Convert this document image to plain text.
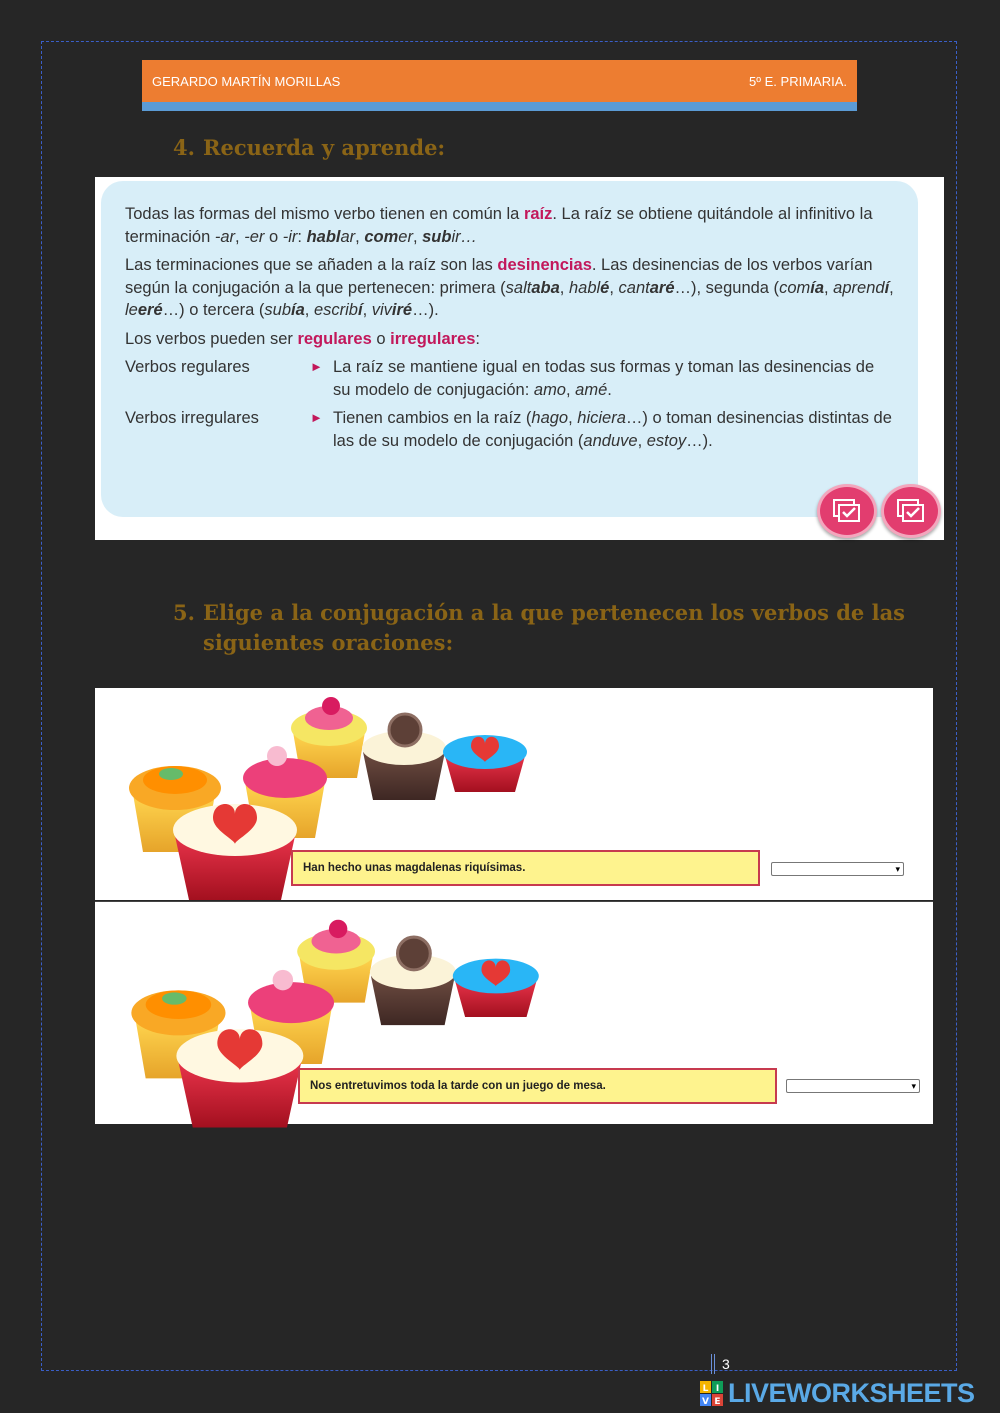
GERARDO MARTÍN MORILLAS	5º E. PRIMARIA.
4. Recuerda y aprende:

Todas las formas del mismo verbo tienen en común la raíz. La raíz se obtiene quitándole al infinitivo la terminación -ar, -er o -ir: hablar, comer, subir…

Las terminaciones que se añaden a la raíz son las desinencias. Las desinencias de los verbos varían según la conjugación a la que pertenecen: primera (saltaba, hablé, cantaré…), segunda (comía, aprendí, leeré…) o tercera (subía, escribí, viviré…).

Los verbos pueden ser regulares o irregulares:

Verbos regulares	► La raíz se mantiene igual en todas sus formas y toman las desinencias de su modelo de conjugación: amo, amé.
Verbos irregulares	► Tienen cambios en la raíz (hago, hiciera…) o toman desinencias distintas de las de su modelo de conjugación (anduve, estoy…).
5. Elige a la conjugación a la que pertenecen los verbos de las
siguientes oraciones:
Han hecho unas magdalenas riquísimas.	▾
Nos entretuvimos toda la tarde con un juego de mesa.	▾
3
L I
V E LIVEWORKSHEETS
